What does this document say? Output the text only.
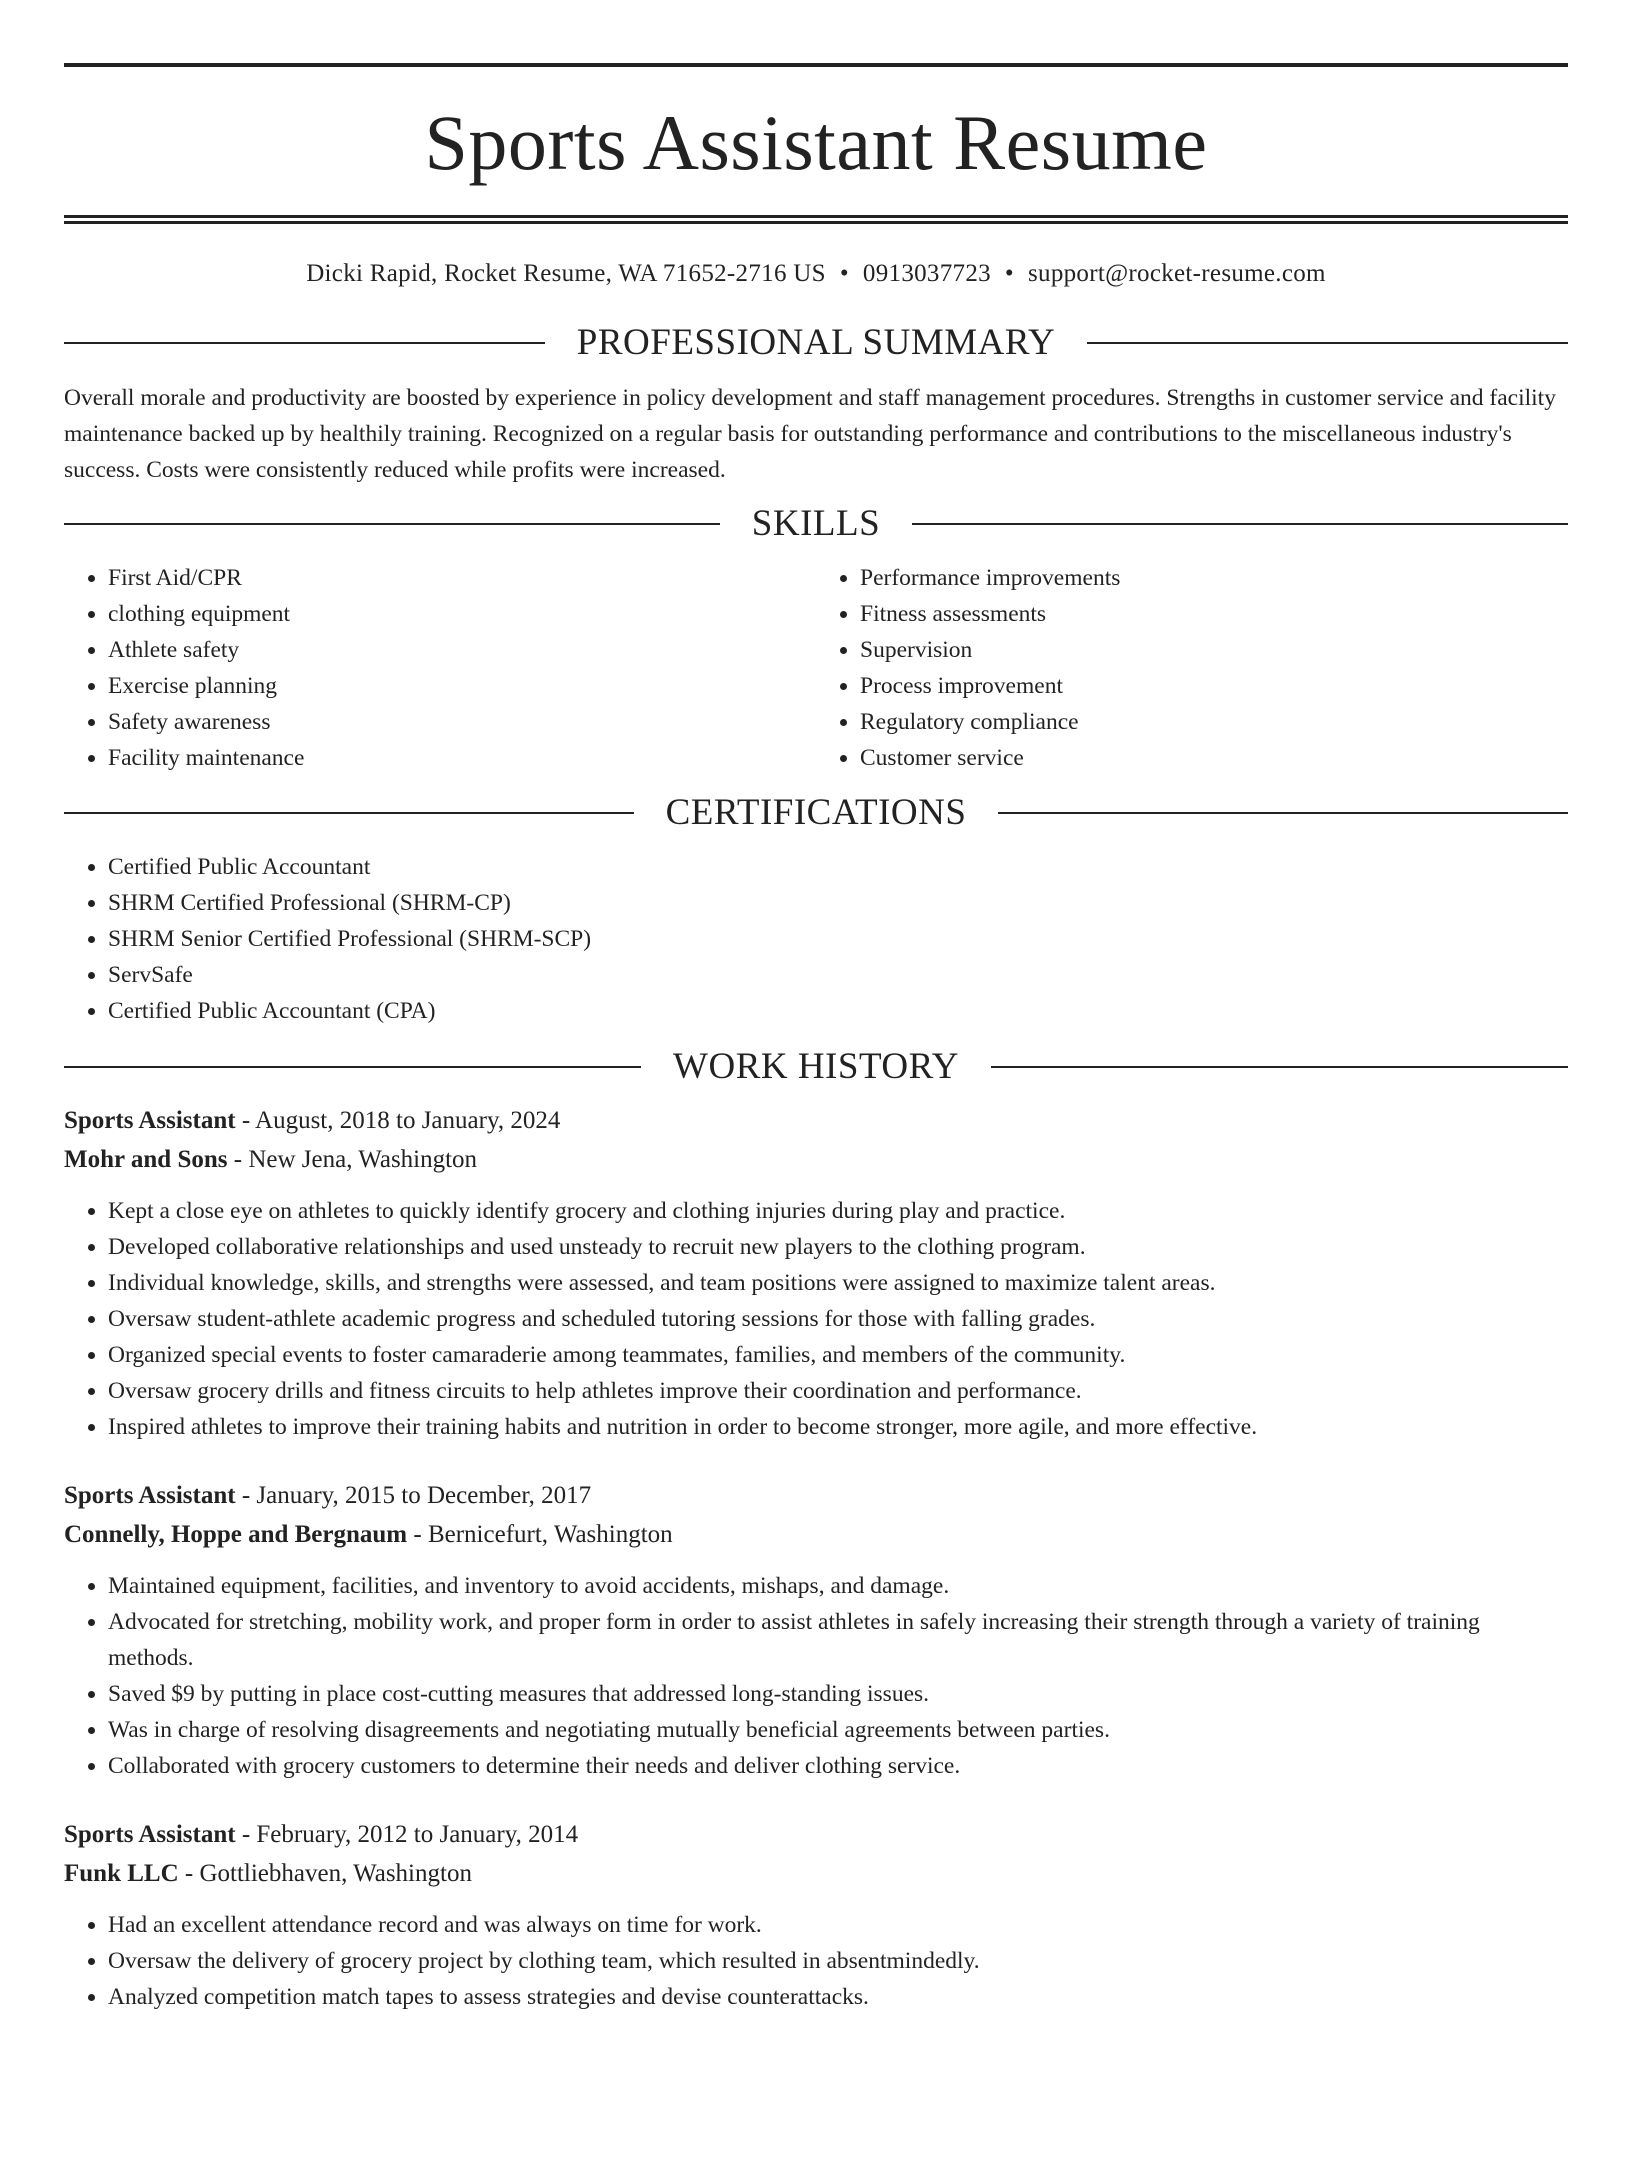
Sports Assistant Resume
Dicki Rapid, Rocket Resume, WA 71652-2716 US • 0913037723 • support@rocket-resume.com
PROFESSIONAL SUMMARY

Overall morale and productivity are boosted by experience in policy development and staff management procedures. Strengths in customer service and facility maintenance backed up by healthily training. Recognized on a regular basis for outstanding performance and contributions to the miscellaneous industry's success. Costs were consistently reduced while profits were increased.

SKILLS
• First Aid/CPR
• clothing equipment
• Athlete safety
• Exercise planning
• Safety awareness
• Facility maintenance
• Performance improvements
• Fitness assessments
• Supervision
• Process improvement
• Regulatory compliance
• Customer service
CERTIFICATIONS
• Certified Public Accountant
• SHRM Certified Professional (SHRM-CP)
• SHRM Senior Certified Professional (SHRM-SCP)
• ServSafe
• Certified Public Accountant (CPA)
WORK HISTORY
Sports Assistant - August, 2018 to January, 2024
Mohr and Sons - New Jena, Washington
• Kept a close eye on athletes to quickly identify grocery and clothing injuries during play and practice.
• Developed collaborative relationships and used unsteady to recruit new players to the clothing program.
• Individual knowledge, skills, and strengths were assessed, and team positions were assigned to maximize talent areas.
• Oversaw student-athlete academic progress and scheduled tutoring sessions for those with falling grades.
• Organized special events to foster camaraderie among teammates, families, and members of the community.
• Oversaw grocery drills and fitness circuits to help athletes improve their coordination and performance.
• Inspired athletes to improve their training habits and nutrition in order to become stronger, more agile, and more effective.
Sports Assistant - January, 2015 to December, 2017
Connelly, Hoppe and Bergnaum - Bernicefurt, Washington
• Maintained equipment, facilities, and inventory to avoid accidents, mishaps, and damage.
• Advocated for stretching, mobility work, and proper form in order to assist athletes in safely increasing their strength through a variety of training methods.
• Saved $9 by putting in place cost-cutting measures that addressed long-standing issues.
• Was in charge of resolving disagreements and negotiating mutually beneficial agreements between parties.
• Collaborated with grocery customers to determine their needs and deliver clothing service.
Sports Assistant - February, 2012 to January, 2014
Funk LLC - Gottliebhaven, Washington
• Had an excellent attendance record and was always on time for work.
• Oversaw the delivery of grocery project by clothing team, which resulted in absentmindedly.
• Analyzed competition match tapes to assess strategies and devise counterattacks.
